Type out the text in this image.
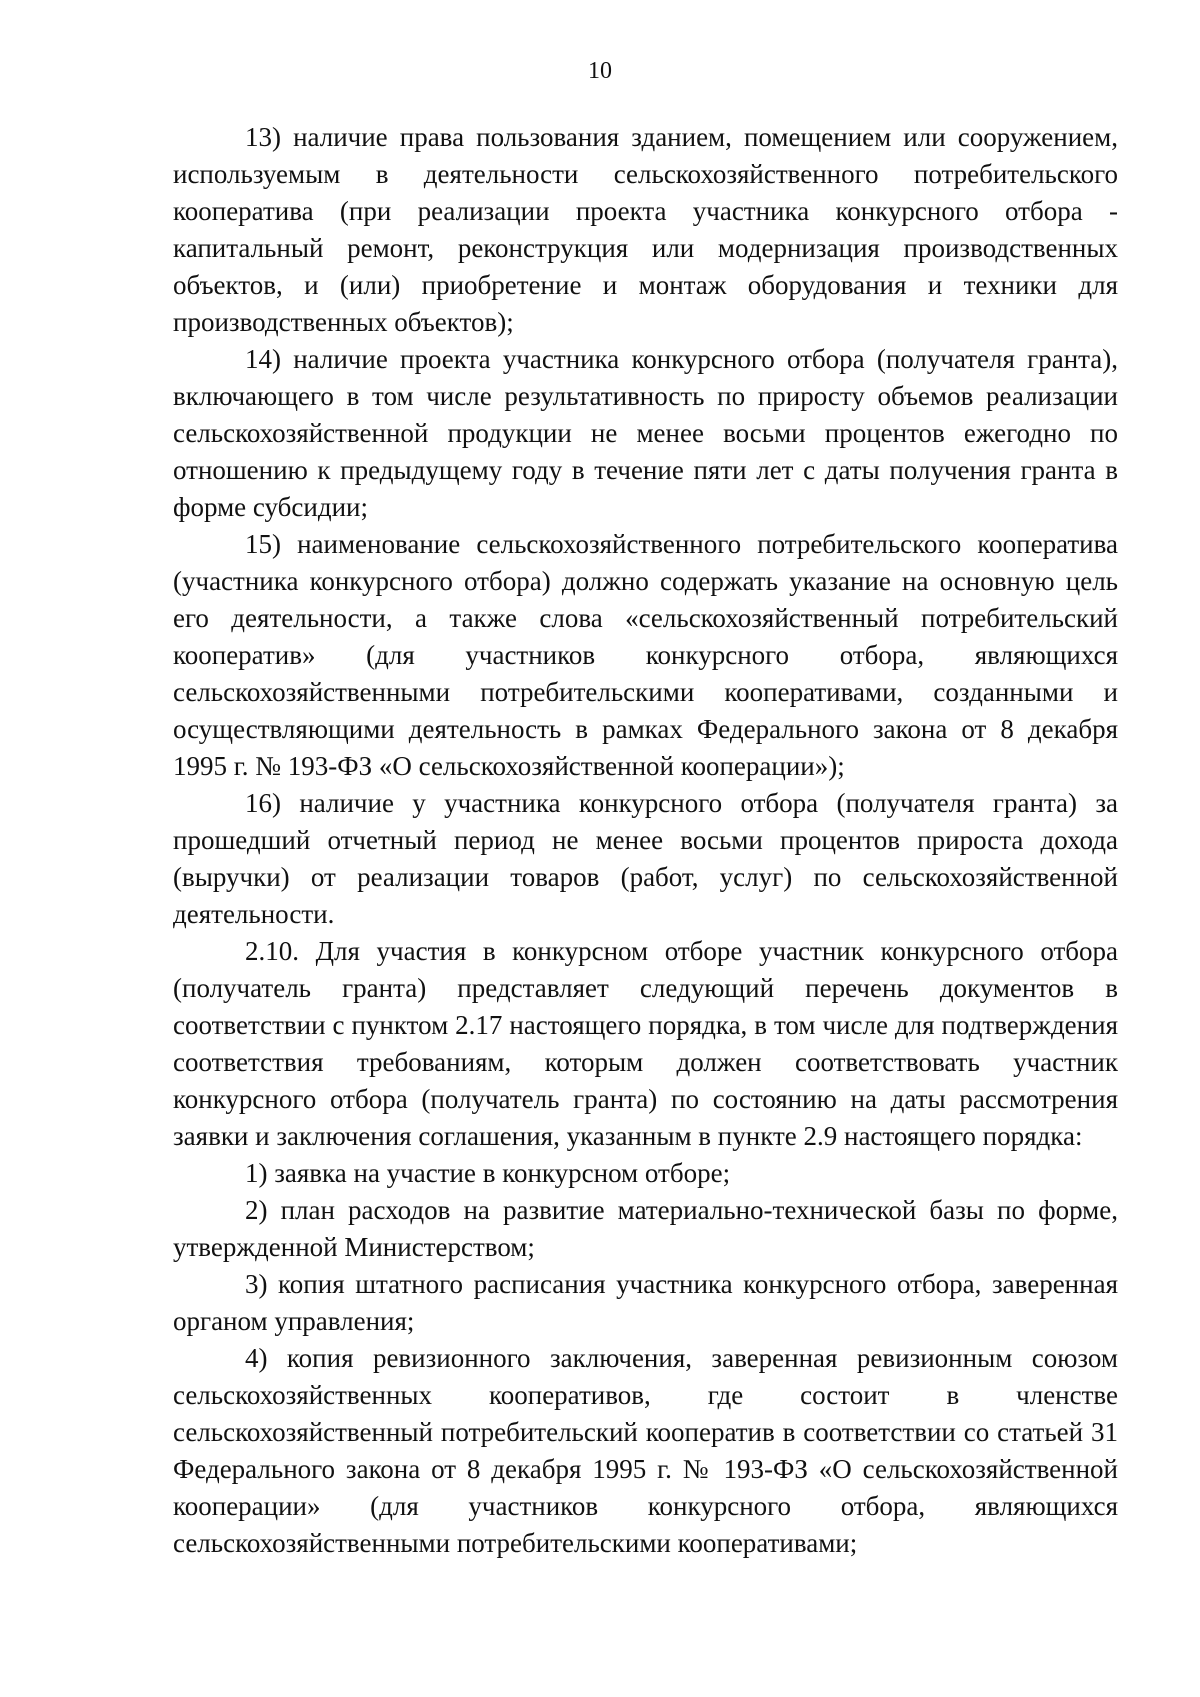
10

13) наличие права пользования зданием, помещением или сооружением, используемым в деятельности сельскохозяйственного потребительского кооператива (при реализации проекта участника конкурсного отбора - капитальный ремонт, реконструкция или модернизация производственных объектов, и (или) приобретение и монтаж оборудования и техники для производственных объектов);

14) наличие проекта участника конкурсного отбора (получателя гранта), включающего в том числе результативность по приросту объемов реализации сельскохозяйственной продукции не менее восьми процентов ежегодно по отношению к предыдущему году в течение пяти лет с даты получения гранта в форме субсидии;

15) наименование сельскохозяйственного потребительского кооператива (участника конкурсного отбора) должно содержать указание на основную цель его деятельности, а также слова «сельскохозяйственный потребительский кооператив» (для участников конкурсного отбора, являющихся сельскохозяйственными потребительскими кооперативами, созданными и осуществляющими деятельность в рамках Федерального закона от 8 декабря 1995 г. № 193-ФЗ «О сельскохозяйственной кооперации»);

16) наличие у участника конкурсного отбора (получателя гранта) за прошедший отчетный период не менее восьми процентов прироста дохода (выручки) от реализации товаров (работ, услуг) по сельскохозяйственной деятельности.

2.10. Для участия в конкурсном отборе участник конкурсного отбора (получатель гранта) представляет следующий перечень документов в соответствии с пунктом 2.17 настоящего порядка, в том числе для подтверждения соответствия требованиям, которым должен соответствовать участник конкурсного отбора (получатель гранта) по состоянию на даты рассмотрения заявки и заключения соглашения, указанным в пункте 2.9 настоящего порядка:

1) заявка на участие в конкурсном отборе;

2) план расходов на развитие материально-технической базы по форме, утвержденной Министерством;

3) копия штатного расписания участника конкурсного отбора, заверенная органом управления;

4) копия ревизионного заключения, заверенная ревизионным союзом сельскохозяйственных кооперативов, где состоит в членстве сельскохозяйственный потребительский кооператив в соответствии со статьей 31 Федерального закона от 8 декабря 1995 г. № 193-ФЗ «О сельскохозяйственной кооперации» (для участников конкурсного отбора, являющихся сельскохозяйственными потребительскими кооперативами;
